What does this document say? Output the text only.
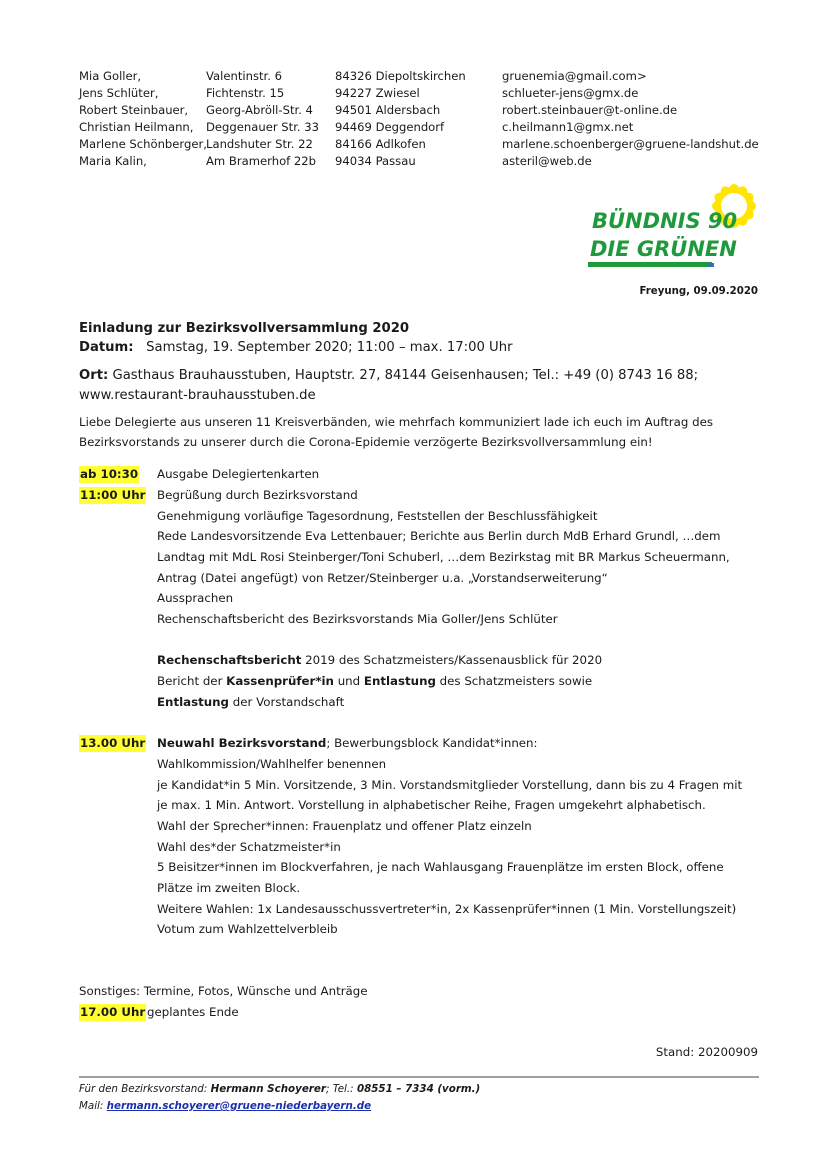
Mia Goller,
Jens Schlüter,
Robert Steinbauer,
Christian Heilmann,
Marlene Schönberger,
Maria Kalin,
Valentinstr. 6
Fichtenstr. 15
Georg-Abröll-Str. 4
Deggenauer Str. 33
Landshuter Str. 22
Am Bramerhof 22b
84326 Diepoltskirchen
94227 Zwiesel
94501 Aldersbach
94469 Deggendorf
84166 Adlkofen
94034 Passau
gruenemia@gmail.com>
schlueter-jens@gmx.de
robert.steinbauer@t-online.de
c.heilmann1@gmx.net
marlene.schoenberger@gruene-landshut.de
asteril@web.de
BÜNDNIS 90
DIE GRÜNEN
Freyung, 09.09.2020
Einladung zur Bezirksvollversammlung 2020
Datum: Samstag, 19. September 2020; 11:00 – max. 17:00 Uhr
Ort: Gasthaus Brauhausstuben, Hauptstr. 27, 84144 Geisenhausen; Tel.: +49 (0) 8743 16 88; www.restaurant-brauhausstuben.de
Liebe Delegierte aus unseren 11 Kreisverbänden, wie mehrfach kommuniziert lade ich euch im Auftrag des Bezirksvorstands zu unserer durch die Corona-Epidemie verzögerte Bezirksvollversammlung ein!
ab 10:30 Ausgabe Delegiertenkarten
11:00 Uhr Begrüßung durch Bezirksvorstand
Genehmigung vorläufige Tagesordnung, Feststellen der Beschlussfähigkeit
Rede Landesvorsitzende Eva Lettenbauer; Berichte aus Berlin durch MdB Erhard Grundl, …dem
Landtag mit MdL Rosi Steinberger/Toni Schuberl, …dem Bezirkstag mit BR Markus Scheuermann,
Antrag (Datei angefügt) von Retzer/Steinberger u.a. „Vorstandserweiterung“
Aussprachen
Rechenschaftsbericht des Bezirksvorstands Mia Goller/Jens Schlüter
Rechenschaftsbericht 2019 des Schatzmeisters/Kassenausblick für 2020
Bericht der Kassenprüfer*in und Entlastung des Schatzmeisters sowie
Entlastung der Vorstandschaft
13.00 Uhr Neuwahl Bezirksvorstand; Bewerbungsblock Kandidat*innen:
Wahlkommission/Wahlhelfer benennen
je Kandidat*in 5 Min. Vorsitzende, 3 Min. Vorstandsmitglieder Vorstellung, dann bis zu 4 Fragen mit
je max. 1 Min. Antwort. Vorstellung in alphabetischer Reihe, Fragen umgekehrt alphabetisch.
Wahl der Sprecher*innen: Frauenplatz und offener Platz einzeln
Wahl des*der Schatzmeister*in
5 Beisitzer*innen im Blockverfahren, je nach Wahlausgang Frauenplätze im ersten Block, offene
Plätze im zweiten Block.
Weitere Wahlen: 1x Landesausschussvertreter*in, 2x Kassenprüfer*innen (1 Min. Vorstellungszeit)
Votum zum Wahlzettelverbleib
Sonstiges: Termine, Fotos, Wünsche und Anträge
17.00 Uhr geplantes Ende
Stand: 20200909
Für den Bezirksvorstand: Hermann Schoyerer; Tel.: 08551 – 7334 (vorm.)
Mail: hermann.schoyerer@gruene-niederbayern.de
